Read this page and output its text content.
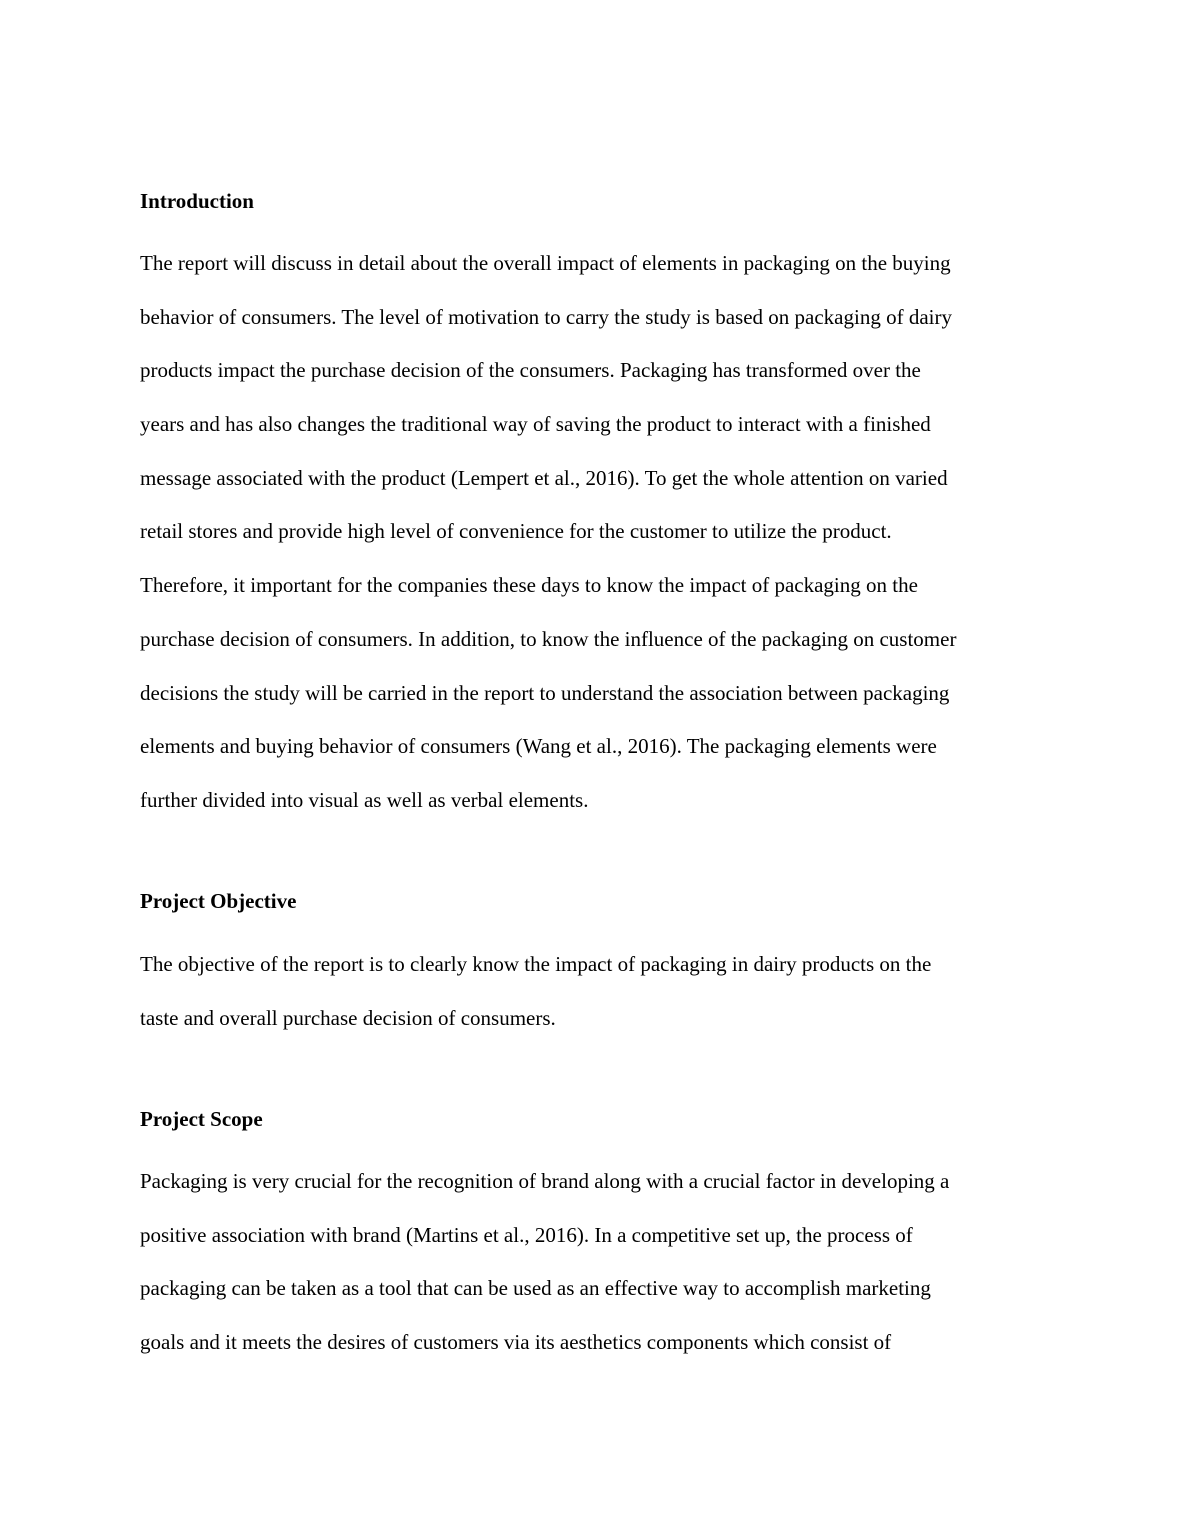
Introduction
The report will discuss in detail about the overall impact of elements in packaging on the buying
behavior of consumers. The level of motivation to carry the study is based on packaging of dairy
products impact the purchase decision of the consumers. Packaging has transformed over the
years and has also changes the traditional way of saving the product to interact with a finished
message associated with the product (Lempert et al., 2016). To get the whole attention on varied
retail stores and provide high level of convenience for the customer to utilize the product.
Therefore, it important for the companies these days to know the impact of packaging on the
purchase decision of consumers. In addition, to know the influence of the packaging on customer
decisions the study will be carried in the report to understand the association between packaging
elements and buying behavior of consumers (Wang et al., 2016). The packaging elements were
further divided into visual as well as verbal elements.
Project Objective
The objective of the report is to clearly know the impact of packaging in dairy products on the
taste and overall purchase decision of consumers.
Project Scope
Packaging is very crucial for the recognition of brand along with a crucial factor in developing a
positive association with brand (Martins et al., 2016). In a competitive set up, the process of
packaging can be taken as a tool that can be used as an effective way to accomplish marketing
goals and it meets the desires of customers via its aesthetics components which consist of
